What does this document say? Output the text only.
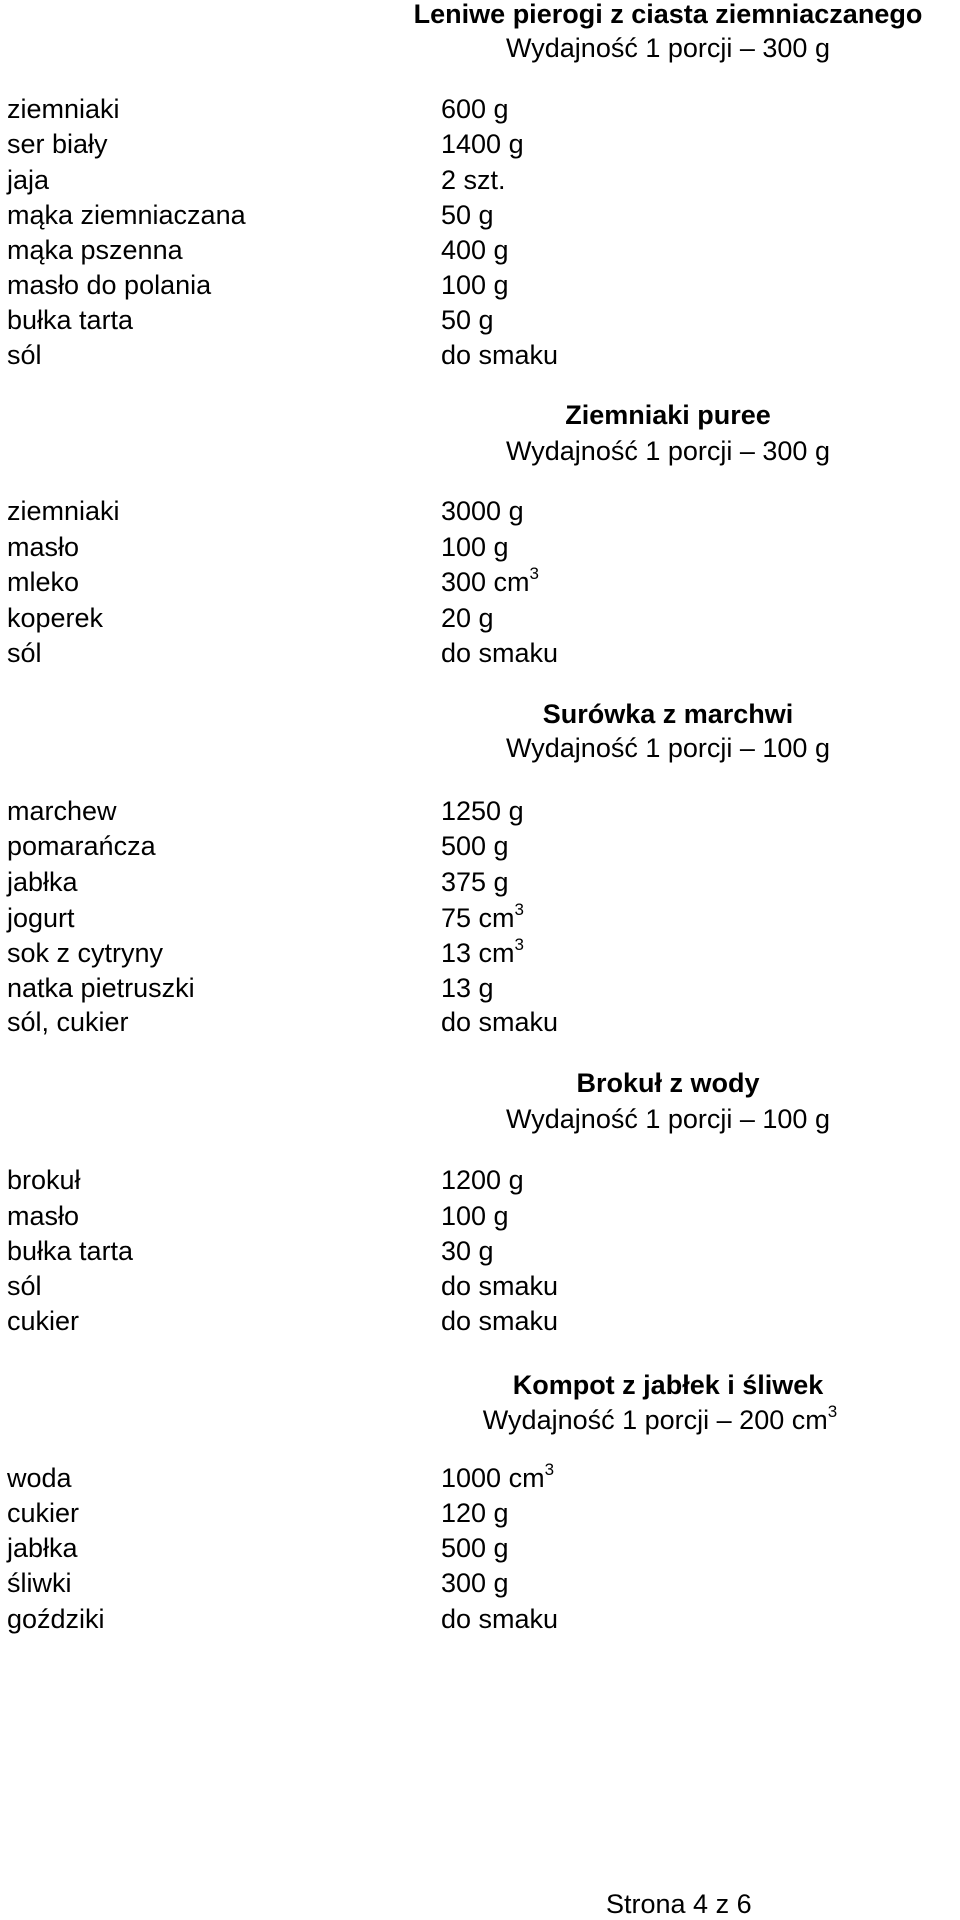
Leniwe pierogi z ciasta ziemniaczanego
Wydajność 1 porcji – 300 g
ziemniaki	600 g
ser biały	1400 g
jaja	2 szt.
mąka ziemniaczana	50 g
mąka pszenna	400 g
masło do polania	100 g
bułka tarta	50 g
sól	do smaku
Ziemniaki puree
Wydajność 1 porcji – 300 g
ziemniaki	3000 g
masło	100 g
mleko	300 $cm^3$
koperek	20 g
sól	do smaku
Surówka z marchwi
Wydajność 1 porcji – 100 g
marchew	1250 g
pomarańcza	500 g
jabłka	375 g
jogurt	75 $cm^3$
sok z cytryny	13 $cm^3$
natka pietruszki	13 g
sól, cukier	do smaku
Brokuł z wody
Wydajność 1 porcji – 100 g
brokuł	1200 g
masło	100 g
bułka tarta	30 g
sól	do smaku
cukier	do smaku
Kompot z jabłek i śliwek
Wydajność 1 porcji – 200 $cm^3$
woda	1000 $cm^3$
cukier	120 g
jabłka	500 g
śliwki	300 g
goździki	do smaku
Strona 4 z 6
